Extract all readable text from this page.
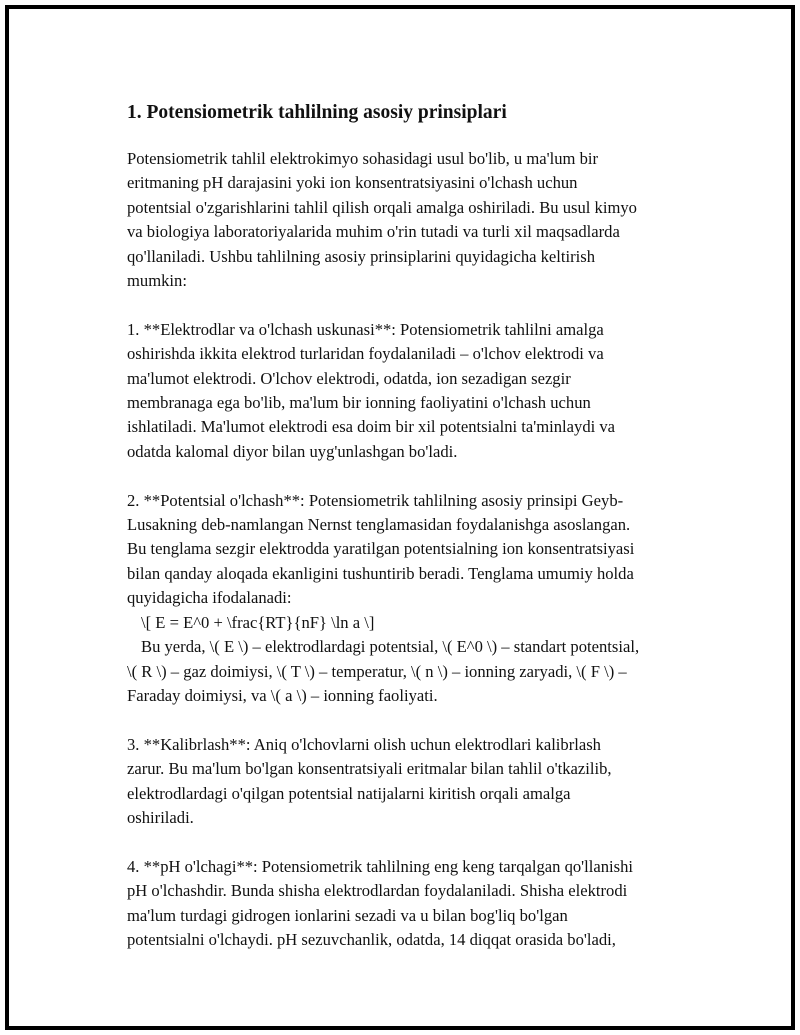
1. Potensiometrik tahlilning asosiy prinsiplari
Potensiometrik tahlil elektrokimyo sohasidagi usul bo'lib, u ma'lum bir
eritmaning pH darajasini yoki ion konsentratsiyasini o'lchash uchun
potentsial o'zgarishlarini tahlil qilish orqali amalga oshiriladi. Bu usul kimyo
va biologiya laboratoriyalarida muhim o'rin tutadi va turli xil maqsadlarda
qo'llaniladi. Ushbu tahlilning asosiy prinsiplarini quyidagicha keltirish
mumkin:
1. **Elektrodlar va o'lchash uskunasi**: Potensiometrik tahlilni amalga
oshirishda ikkita elektrod turlaridan foydalaniladi – o'lchov elektrodi va
ma'lumot elektrodi. O'lchov elektrodi, odatda, ion sezadigan sezgir
membranaga ega bo'lib, ma'lum bir ionning faoliyatini o'lchash uchun
ishlatiladi. Ma'lumot elektrodi esa doim bir xil potentsialni ta'minlaydi va
odatda kalomal diyor bilan uyg'unlashgan bo'ladi.
2. **Potentsial o'lchash**: Potensiometrik tahlilning asosiy prinsipi Geyb-
Lusakning deb-namlangan Nernst tenglamasidan foydalanishga asoslangan.
Bu tenglama sezgir elektrodda yaratilgan potentsialning ion konsentratsiyasi
bilan qanday aloqada ekanligini tushuntirib beradi. Tenglama umumiy holda
quyidagicha ifodalanadi:
\[ E = E^0 + \frac{RT}{nF} \ln a \]
Bu yerda, \( E \) – elektrodlardagi potentsial, \( E^0 \) – standart potentsial,
\( R \) – gaz doimiysi, \( T \) – temperatur, \( n \) – ionning zaryadi, \( F \) –
Faraday doimiysi, va \( a \) – ionning faoliyati.
3. **Kalibrlash**: Aniq o'lchovlarni olish uchun elektrodlari kalibrlash
zarur. Bu ma'lum bo'lgan konsentratsiyali eritmalar bilan tahlil o'tkazilib,
elektrodlardagi o'qilgan potentsial natijalarni kiritish orqali amalga
oshiriladi.
4. **pH o'lchagi**: Potensiometrik tahlilning eng keng tarqalgan qo'llanishi
pH o'lchashdir. Bunda shisha elektrodlardan foydalaniladi. Shisha elektrodi
ma'lum turdagi gidrogen ionlarini sezadi va u bilan bog'liq bo'lgan
potentsialni o'lchaydi. pH sezuvchanlik, odatda, 14 diqqat orasida bo'ladi,
